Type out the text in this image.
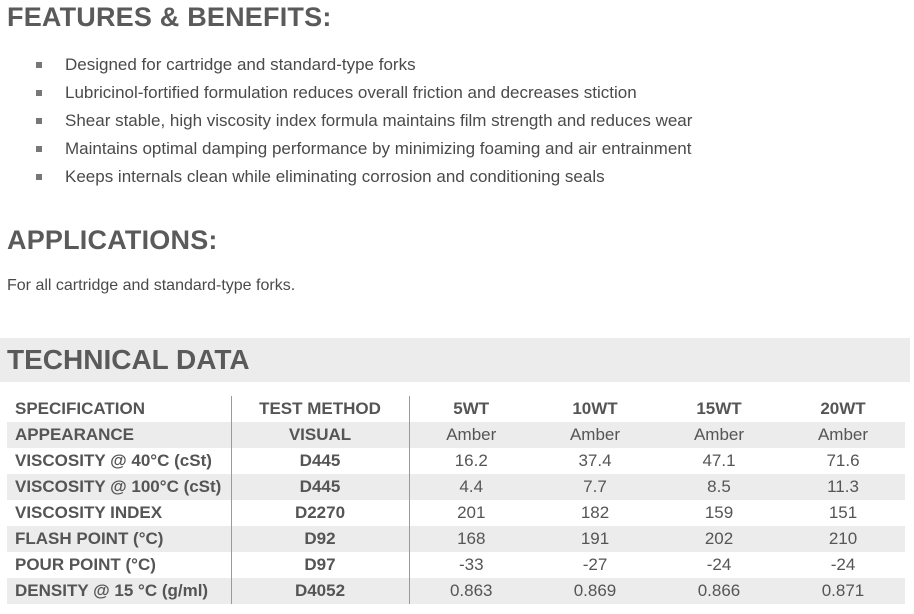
FEATURES & BENEFITS:
Designed for cartridge and standard-type forks
Lubricinol-fortified formulation reduces overall friction and decreases stiction
Shear stable, high viscosity index formula maintains film strength and reduces wear
Maintains optimal damping performance by minimizing foaming and air entrainment
Keeps internals clean while eliminating corrosion and conditioning seals
APPLICATIONS:

For all cartridge and standard-type forks.

TECHNICAL DATA
SPECIFICATION	TEST METHOD	5WT	10WT	15WT	20WT
APPEARANCE	VISUAL	Amber	Amber	Amber	Amber
VISCOSITY @ 40°C (cSt)	D445	16.2	37.4	47.1	71.6
VISCOSITY @ 100°C (cSt)	D445	4.4	7.7	8.5	11.3
VISCOSITY INDEX	D2270	201	182	159	151
FLASH POINT (°C)	D92	168	191	202	210
POUR POINT (°C)	D97	-33	-27	-24	-24
DENSITY @ 15 °C (g/ml)	D4052	0.863	0.869	0.866	0.871
